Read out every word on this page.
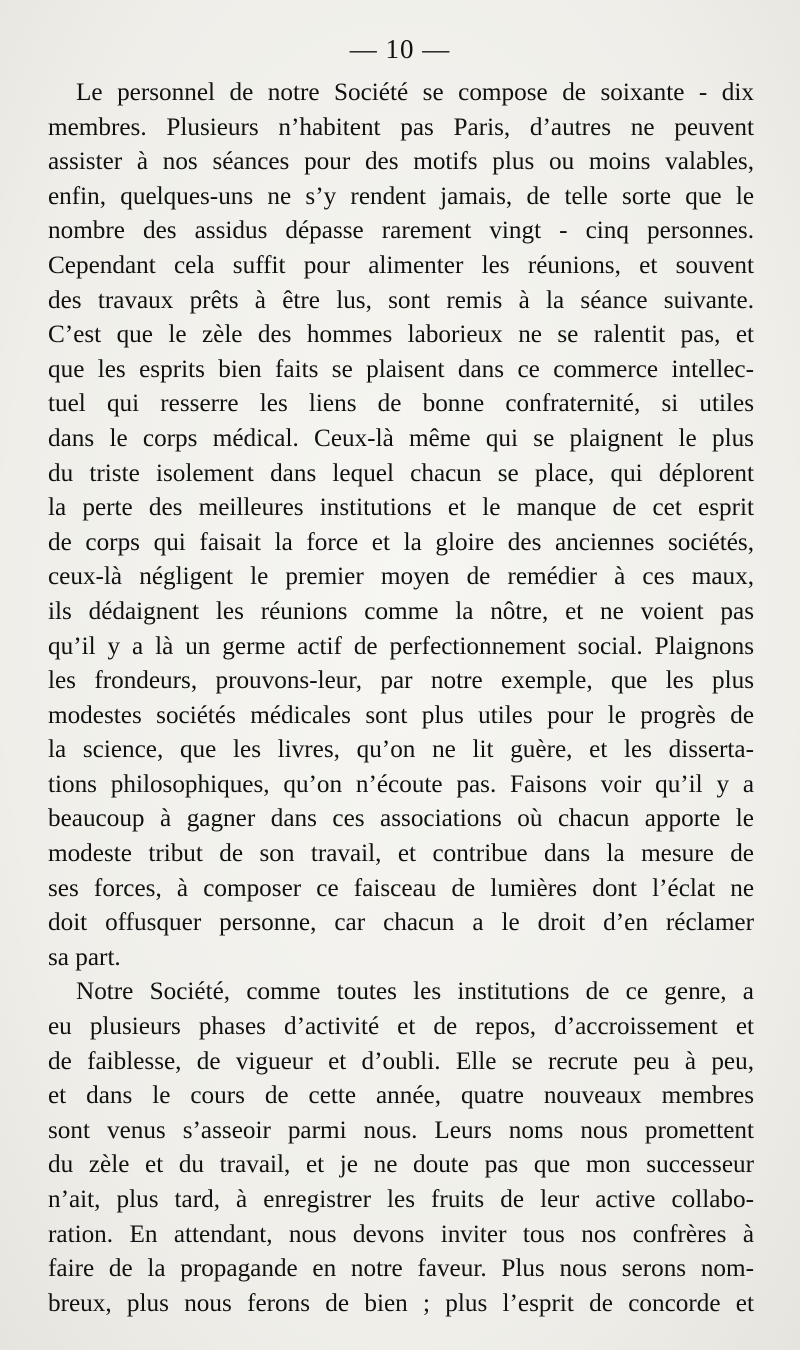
— 10 —
Le personnel de notre Société se compose de soixante - dix
membres. Plusieurs n’habitent pas Paris, d’autres ne peuvent
assister à nos séances pour des motifs plus ou moins valables,
enfin, quelques-uns ne s’y rendent jamais, de telle sorte que le
nombre des assidus dépasse rarement vingt - cinq personnes.
Cependant cela suffit pour alimenter les réunions, et souvent
des travaux prêts à être lus, sont remis à la séance suivante.
C’est que le zèle des hommes laborieux ne se ralentit pas, et
que les esprits bien faits se plaisent dans ce commerce intellec-
tuel qui resserre les liens de bonne confraternité, si utiles
dans le corps médical. Ceux-là même qui se plaignent le plus
du triste isolement dans lequel chacun se place, qui déplorent
la perte des meilleures institutions et le manque de cet esprit
de corps qui faisait la force et la gloire des anciennes sociétés,
ceux-là négligent le premier moyen de remédier à ces maux,
ils dédaignent les réunions comme la nôtre, et ne voient pas
qu’il y a là un germe actif de perfectionnement social. Plaignons
les frondeurs, prouvons-leur, par notre exemple, que les plus
modestes sociétés médicales sont plus utiles pour le progrès de
la science, que les livres, qu’on ne lit guère, et les disserta-
tions philosophiques, qu’on n’écoute pas. Faisons voir qu’il y a
beaucoup à gagner dans ces associations où chacun apporte le
modeste tribut de son travail, et contribue dans la mesure de
ses forces, à composer ce faisceau de lumières dont l’éclat ne
doit offusquer personne, car chacun a le droit d’en réclamer
sa part.
Notre Société, comme toutes les institutions de ce genre, a
eu plusieurs phases d’activité et de repos, d’accroissement et
de faiblesse, de vigueur et d’oubli. Elle se recrute peu à peu,
et dans le cours de cette année, quatre nouveaux membres
sont venus s’asseoir parmi nous. Leurs noms nous promettent
du zèle et du travail, et je ne doute pas que mon successeur
n’ait, plus tard, à enregistrer les fruits de leur active collabo-
ration. En attendant, nous devons inviter tous nos confrères à
faire de la propagande en notre faveur. Plus nous serons nom-
breux, plus nous ferons de bien ; plus l’esprit de concorde et
